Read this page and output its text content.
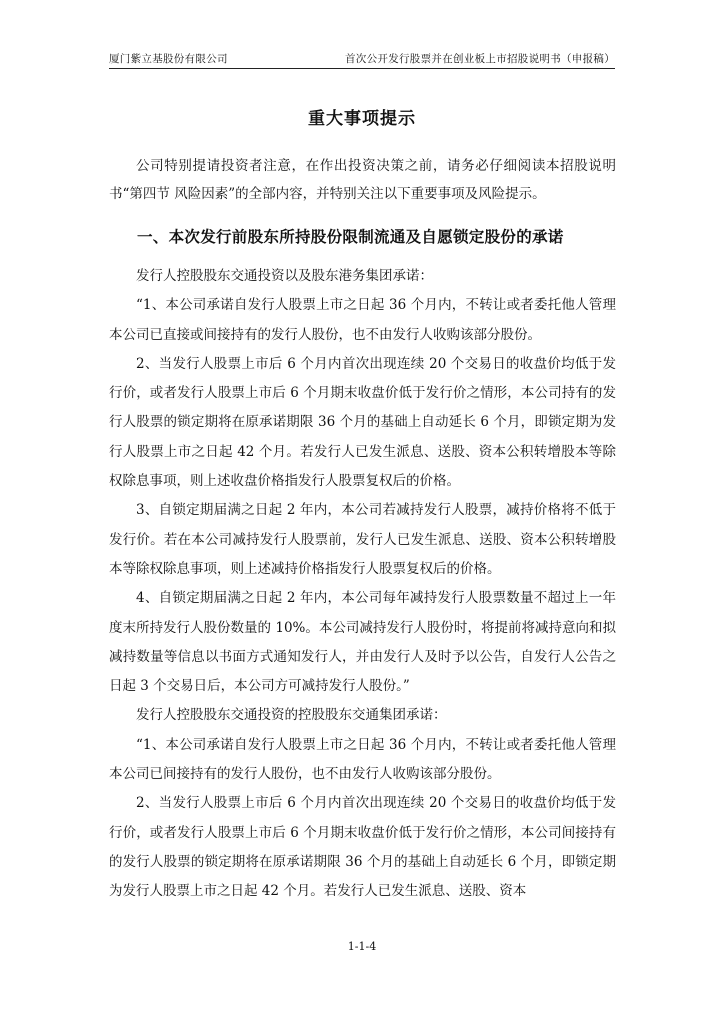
厦门紫立基股份有限公司	首次公开发行股票并在创业板上市招股说明书（申报稿）
重大事项提示

公司特别提请投资者注意，在作出投资决策之前，请务必仔细阅读本招股说明书“第四节 风险因素”的全部内容，并特别关注以下重要事项及风险提示。

一、本次发行前股东所持股份限制流通及自愿锁定股份的承诺

发行人控股股东交通投资以及股东港务集团承诺：

“1、本公司承诺自发行人股票上市之日起 36 个月内，不转让或者委托他人管理本公司已直接或间接持有的发行人股份，也不由发行人收购该部分股份。

2、当发行人股票上市后 6 个月内首次出现连续 20 个交易日的收盘价均低于发行价，或者发行人股票上市后 6 个月期末收盘价低于发行价之情形，本公司持有的发行人股票的锁定期将在原承诺期限 36 个月的基础上自动延长 6 个月，即锁定期为发行人股票上市之日起 42 个月。若发行人已发生派息、送股、资本公积转增股本等除权除息事项，则上述收盘价格指发行人股票复权后的价格。

3、自锁定期届满之日起 2 年内，本公司若减持发行人股票，减持价格将不低于发行价。若在本公司减持发行人股票前，发行人已发生派息、送股、资本公积转增股本等除权除息事项，则上述减持价格指发行人股票复权后的价格。

4、自锁定期届满之日起 2 年内，本公司每年减持发行人股票数量不超过上一年度末所持发行人股份数量的 10%。本公司减持发行人股份时，将提前将减持意向和拟减持数量等信息以书面方式通知发行人，并由发行人及时予以公告，自发行人公告之日起 3 个交易日后，本公司方可减持发行人股份。”

发行人控股股东交通投资的控股股东交通集团承诺：

“1、本公司承诺自发行人股票上市之日起 36 个月内，不转让或者委托他人管理本公司已间接持有的发行人股份，也不由发行人收购该部分股份。

2、当发行人股票上市后 6 个月内首次出现连续 20 个交易日的收盘价均低于发行价，或者发行人股票上市后 6 个月期末收盘价低于发行价之情形，本公司间接持有的发行人股票的锁定期将在原承诺期限 36 个月的基础上自动延长 6 个月，即锁定期为发行人股票上市之日起 42 个月。若发行人已发生派息、送股、资本

1-1-4
